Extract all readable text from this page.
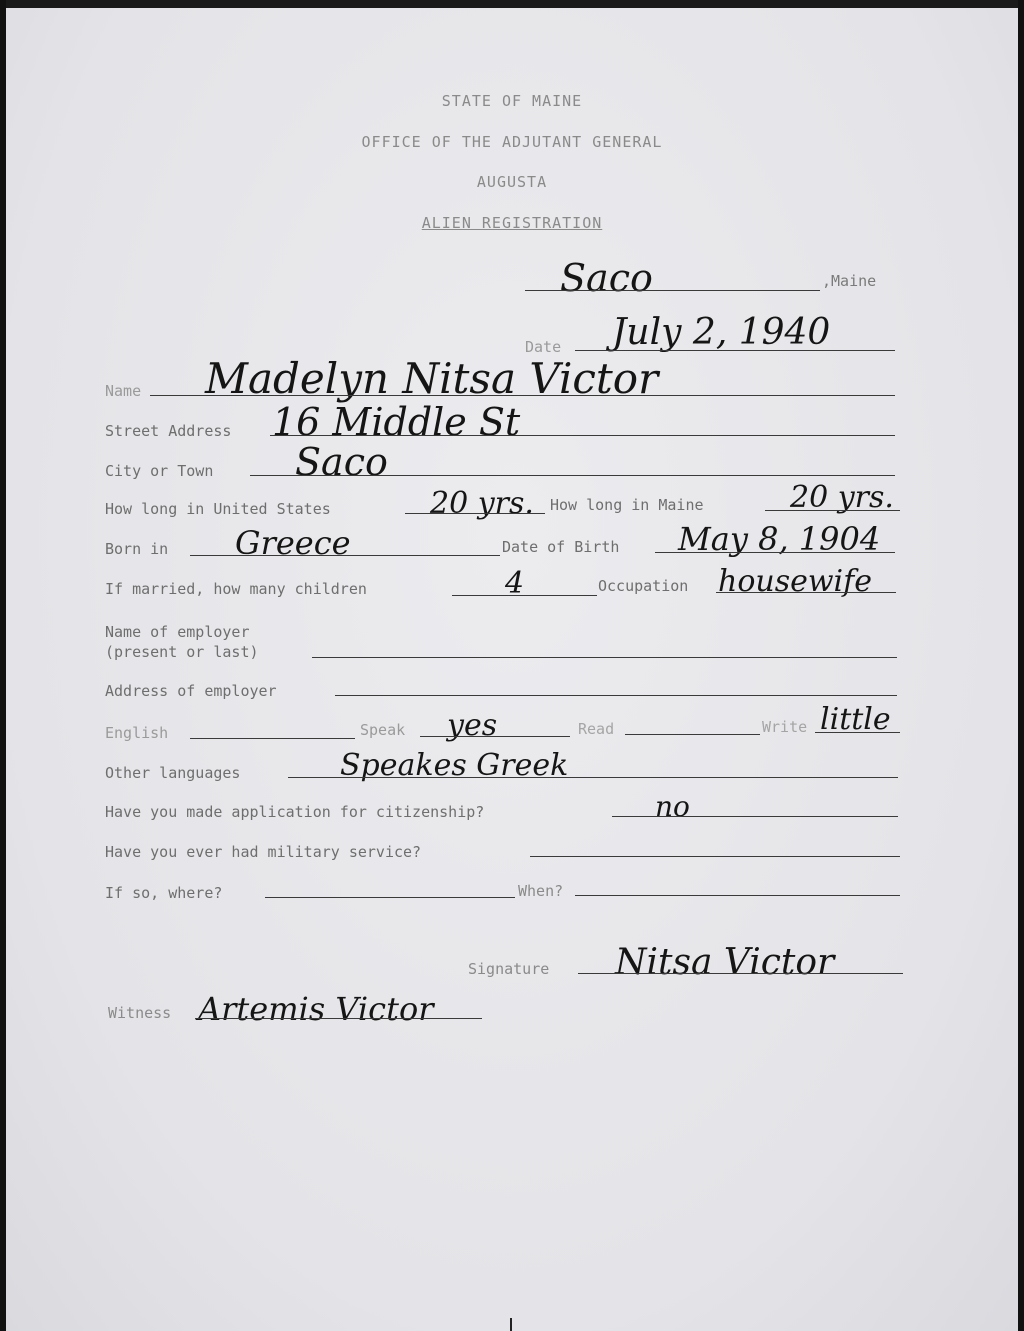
STATE OF MAINE
OFFICE OF THE ADJUTANT GENERAL
AUGUSTA
ALIEN REGISTRATION
Saco	,Maine
Date July 2, 1940
Name Madelyn Nitsa Victor
Street Address 16 Middle St
City or Town Saco
How long in United States	20 yrs. How long in Maine	20 yrs.
Born in Greece	Date of Birth May 8, 1904
If married, how many children	4	Occupation housewife
Name of employer
(present or last)
Address of employer
English	Speak yes	Read	Write little
Other languages	Speakes Greek
Have you made application for citizenship?	no
Have you ever had military service?
If so, where?	When?
Signature Nitsa Victor
Witness Artemis Victor
